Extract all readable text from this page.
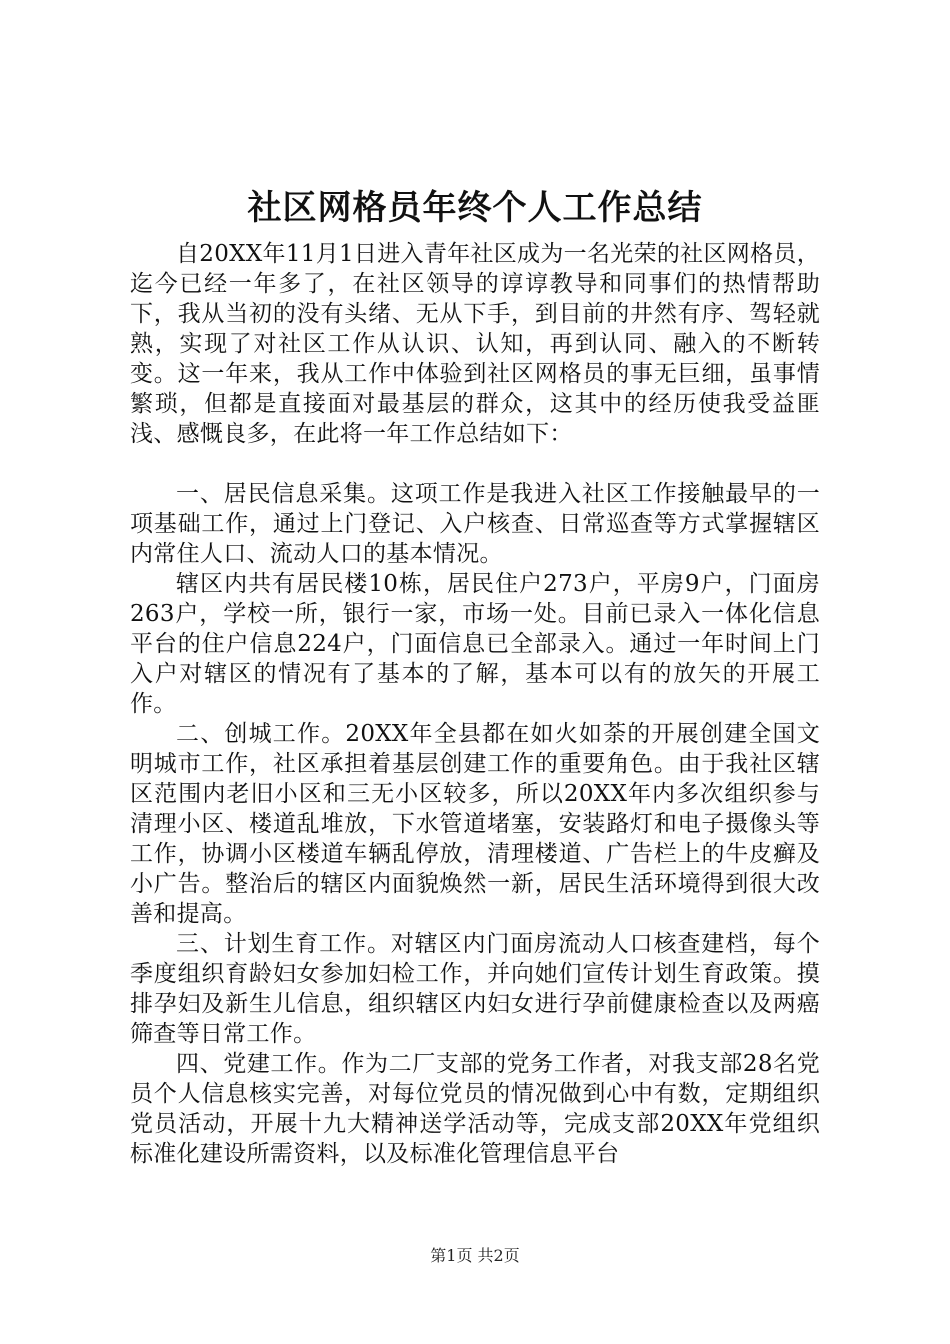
社区网格员年终个人工作总结

自20XX年11月1日进入青年社区成为一名光荣的社区网格员，迄今已经一年多了，在社区领导的谆谆教导和同事们的热情帮助下，我从当初的没有头绪、无从下手，到目前的井然有序、驾轻就熟，实现了对社区工作从认识、认知，再到认同、融入的不断转变。这一年来，我从工作中体验到社区网格员的事无巨细，虽事情繁琐，但都是直接面对最基层的群众，这其中的经历使我受益匪浅、感慨良多，在此将一年工作总结如下：

一、居民信息采集。这项工作是我进入社区工作接触最早的一项基础工作，通过上门登记、入户核查、日常巡查等方式掌握辖区内常住人口、流动人口的基本情况。

辖区内共有居民楼10栋，居民住户273户，平房9户，门面房263户，学校一所，银行一家，市场一处。目前已录入一体化信息平台的住户信息224户，门面信息已全部录入。通过一年时间上门入户对辖区的情况有了基本的了解，基本可以有的放矢的开展工作。

二、创城工作。20XX年全县都在如火如荼的开展创建全国文明城市工作，社区承担着基层创建工作的重要角色。由于我社区辖区范围内老旧小区和三无小区较多，所以20XX年内多次组织参与清理小区、楼道乱堆放，下水管道堵塞，安装路灯和电子摄像头等工作，协调小区楼道车辆乱停放，清理楼道、广告栏上的牛皮癣及小广告。整治后的辖区内面貌焕然一新，居民生活环境得到很大改善和提高。

三、计划生育工作。对辖区内门面房流动人口核查建档，每个季度组织育龄妇女参加妇检工作，并向她们宣传计划生育政策。摸排孕妇及新生儿信息，组织辖区内妇女进行孕前健康检查以及两癌筛查等日常工作。

四、党建工作。作为二厂支部的党务工作者，对我支部28名党员个人信息核实完善，对每位党员的情况做到心中有数，定期组织党员活动，开展十九大精神送学活动等，完成支部20XX年党组织标准化建设所需资料，以及标准化管理信息平台

第1页 共2页
